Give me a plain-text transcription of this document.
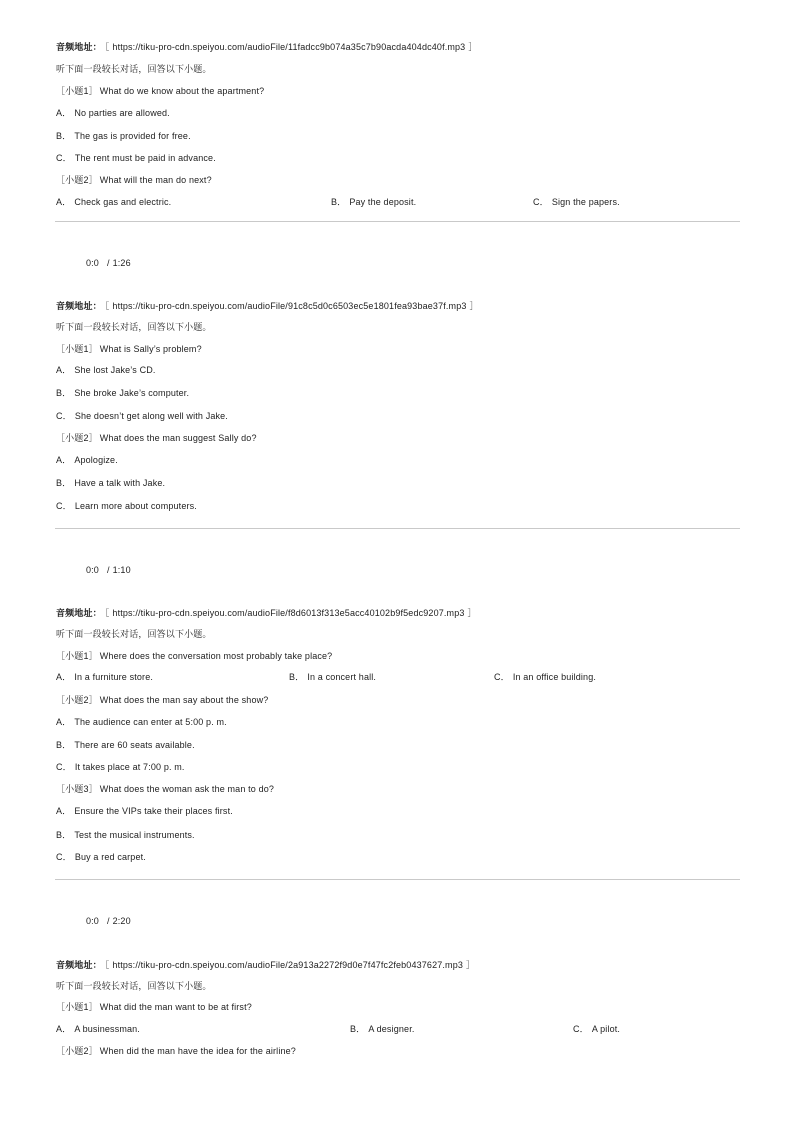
音频地址： ［ https://tiku-pro-cdn.speiyou.com/audioFile/11fadcc9b074a35c7b90acda404dc40f.mp3 ］
听下面一段较长对话，回答以下小题。
［小题1］ What do we know about the apartment?
A． No parties are allowed.
B． The gas is provided for free.
C． The rent must be paid in advance.
［小题2］ What will the man do next?
A． Check gas and electric.	B． Pay the deposit.	C． Sign the papers.
0:0 / 1:26
音频地址： ［ https://tiku-pro-cdn.speiyou.com/audioFile/91c8c5d0c6503ec5e1801fea93bae37f.mp3 ］
听下面一段较长对话，回答以下小题。
［小题1］ What is Sally’s problem?
A． She lost Jake’s CD.
B． She broke Jake’s computer.
C． She doesn’t get along well with Jake.
［小题2］ What does the man suggest Sally do?
A． Apologize.
B． Have a talk with Jake.
C． Learn more about computers.
0:0 / 1:10
音频地址： ［ https://tiku-pro-cdn.speiyou.com/audioFile/f8d6013f313e5acc40102b9f5edc9207.mp3 ］
听下面一段较长对话，回答以下小题。
［小题1］ Where does the conversation most probably take place?
A． In a furniture store.	B． In a concert hall.	C． In an office building.
［小题2］ What does the man say about the show?
A． The audience can enter at 5:00 p. m.
B． There are 60 seats available.
C． It takes place at 7:00 p. m.
［小题3］ What does the woman ask the man to do?
A． Ensure the VIPs take their places first.
B． Test the musical instruments.
C． Buy a red carpet.
0:0 / 2:20
音频地址： ［ https://tiku-pro-cdn.speiyou.com/audioFile/2a913a2272f9d0e7f47fc2feb0437627.mp3 ］
听下面一段较长对话，回答以下小题。
［小题1］ What did the man want to be at first?
A． A businessman.	B． A designer.	C． A pilot.
［小题2］ When did the man have the idea for the airline?
